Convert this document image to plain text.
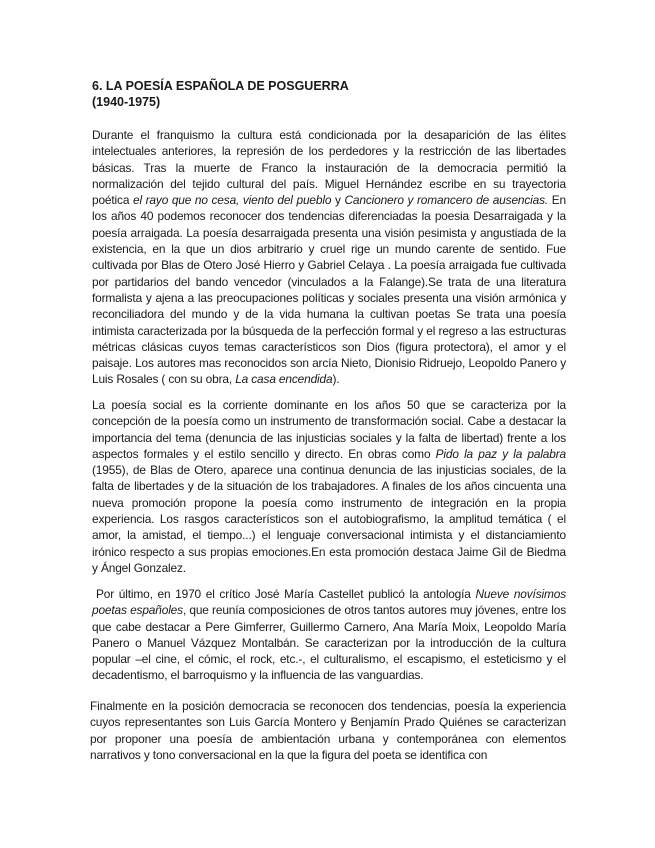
6. LA POESÍA ESPAÑOLA DE POSGUERRA
(1940-1975)

Durante el franquismo la cultura está condicionada por la desaparición de las élites intelectuales anteriores, la represión de los perdedores y la restricción de las libertades básicas. Tras la muerte de Franco la instauración de la democracia permitió la normalización del tejido cultural del país. Miguel Hernández escribe en su trayectoria poética el rayo que no cesa, viento del pueblo y Cancionero y romancero de ausencias. En los años 40 podemos reconocer dos tendencias diferenciadas la poesia Desarraigada y la poesía arraigada. La poesía desarraigada presenta una visión pesimista y angustiada de la existencia, en la que un dios arbitrario y cruel rige un mundo carente de sentido. Fue cultivada por Blas de Otero José Hierro y Gabriel Celaya . La poesía arraigada fue cultivada por partidarios del bando vencedor (vinculados a la Falange).Se trata de una literatura formalista y ajena a las preocupaciones políticas y sociales presenta una visión armónica y reconciliadora del mundo y de la vida humana la cultivan poetas Se trata una poesía intimista caracterizada por la búsqueda de la perfección formal y el regreso a las estructuras métricas clásicas cuyos temas característicos son Dios (figura protectora), el amor y el paisaje. Los autores mas reconocidos son arcía Nieto, Dionisio Ridruejo, Leopoldo Panero y Luis Rosales ( con su obra, La casa encendida).

La poesía social es la corriente dominante en los años 50 que se caracteriza por la concepción de la poesía como un instrumento de transformación social. Cabe a destacar la importancia del tema (denuncia de las injusticias sociales y la falta de libertad) frente a los aspectos formales y el estilo sencillo y directo. En obras como Pido la paz y la palabra (1955), de Blas de Otero, aparece una continua denuncia de las injusticias sociales, de la falta de libertades y de la situación de los trabajadores. A finales de los años cincuenta una nueva promoción propone la poesía como instrumento de integración en la propia experiencia. Los rasgos característicos son el autobiografismo, la amplitud temática ( el amor, la amistad, el tiempo...) el lenguaje conversacional intimista y el distanciamiento irónico respecto a sus propias emociones.En esta promoción destaca Jaime Gil de Biedma y Ángel Gonzalez.

Por último, en 1970 el crítico José María Castellet publicó la antología Nueve novísimos poetas españoles, que reunía composiciones de otros tantos autores muy jóvenes, entre los que cabe destacar a Pere Gimferrer, Guillermo Carnero, Ana María Moix, Leopoldo María Panero o Manuel Vázquez Montalbán. Se caracterizan por la introducción de la cultura popular –el cine, el cómic, el rock, etc.-, el culturalismo, el escapismo, el esteticismo y el decadentismo, el barroquismo y la influencia de las vanguardias.

Finalmente en la posición democracia se reconocen dos tendencias, poesía la experiencia cuyos representantes son Luis García Montero y Benjamín Prado Quiénes se caracterizan por proponer una poesía de ambientación urbana y contemporánea con elementos narrativos y tono conversacional en la que la figura del poeta se identifica con
